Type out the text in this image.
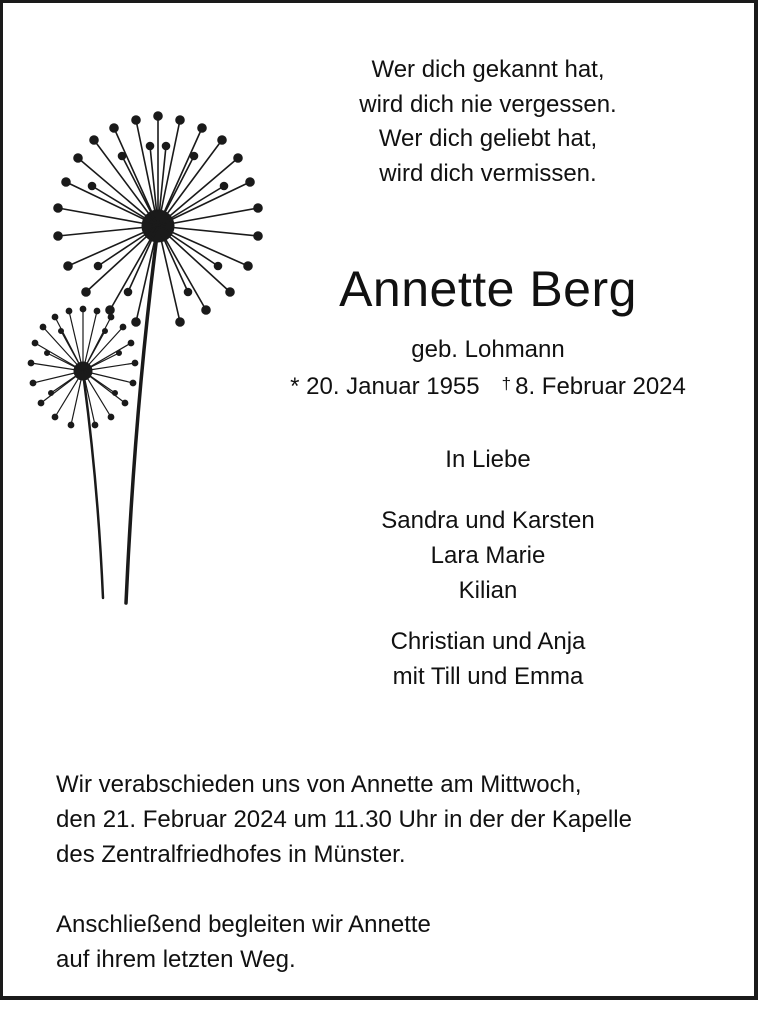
Wer dich gekannt hat,
wird dich nie vergessen.
Wer dich geliebt hat,
wird dich vermissen.
Annette Berg
geb. Lohmann
* 20. Januar 1955 † 8. Februar 2024
In Liebe
Sandra und Karsten
Lara Marie
Kilian
Christian und Anja
mit Till und Emma
Wir verabschieden uns von Annette am Mittwoch,
den 21. Februar 2024 um 11.30 Uhr in der der Kapelle
des Zentralfriedhofes in Münster.
Anschließend begleiten wir Annette
auf ihrem letzten Weg.
